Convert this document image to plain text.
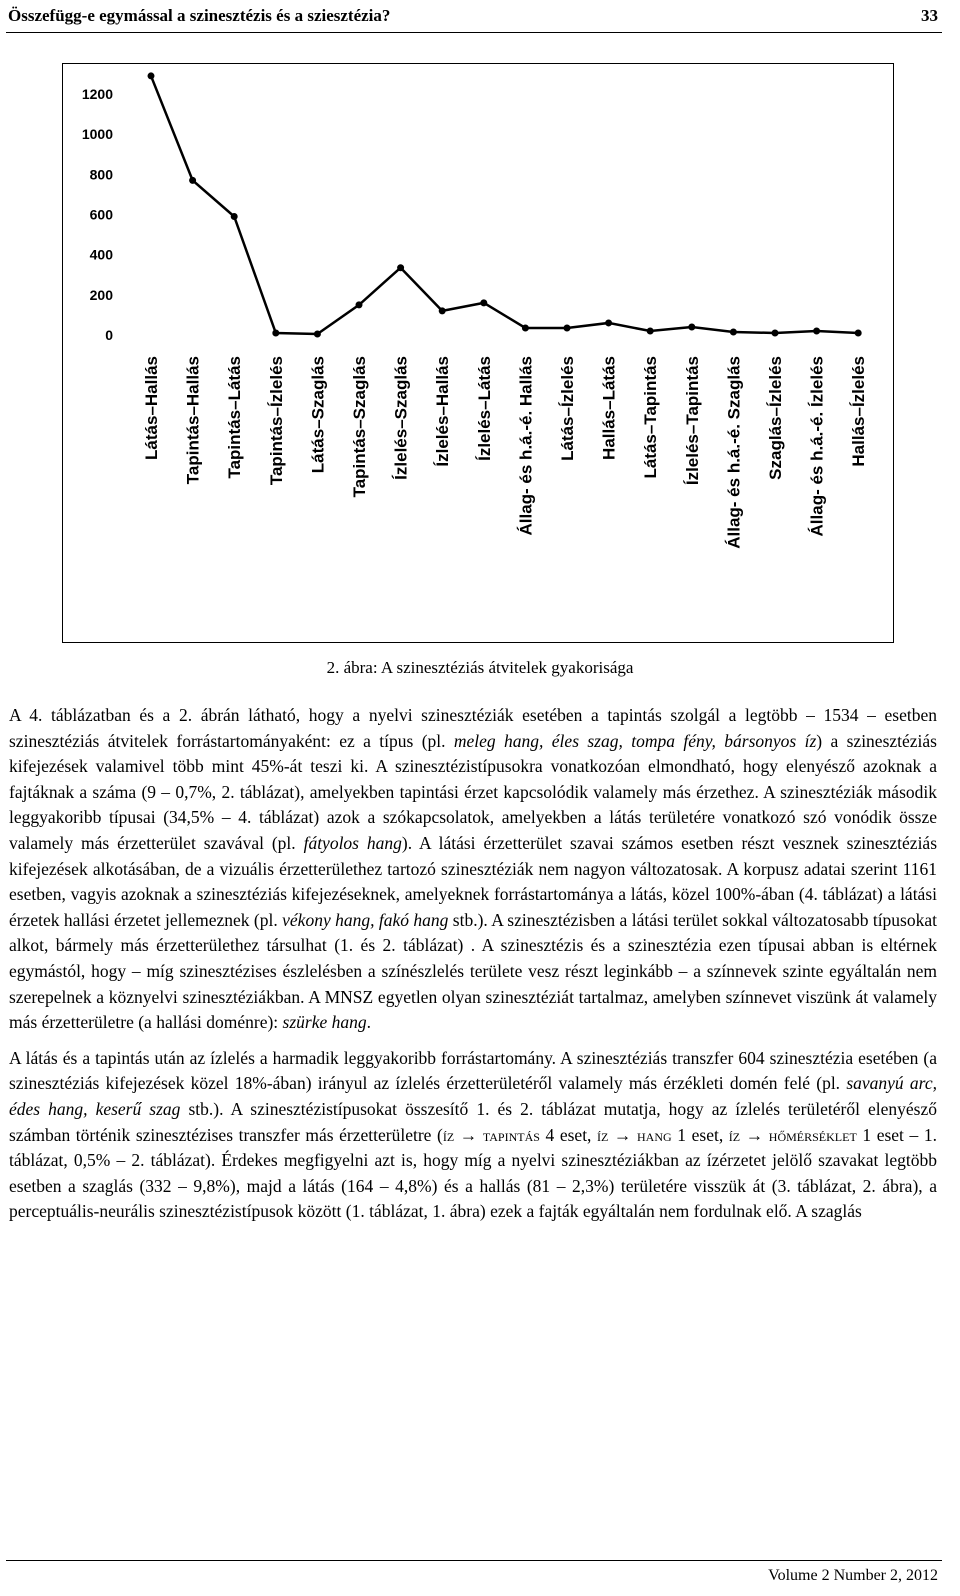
Összefügg-e egymással a szinesztézis és a sziesztézia?	33
0
200
400
600
800
1000
1200
Látás–Hallás Tapintás–Hallás Tapintás–Látás Tapintás–Ízlelés Látás–Szaglás Tapintás–Szaglás Ízlelés–Szaglás Ízlelés–Hallás Ízlelés–Látás Állag- és h.á.-é. Hallás Látás–Ízlelés Hallás–Látás Látás–Tapintás Ízlelés–Tapintás Állag- és h.á.-é. Szaglás Szaglás–Ízlelés Állag- és h.á.-é. Ízlelés Hallás–Ízlelés
2. ábra: A szinesztéziás átvitelek gyakorisága

A 4. táblázatban és a 2. ábrán látható, hogy a nyelvi szinesztéziák esetében a tapintás szolgál a legtöbb – 1534 – esetben szinesztéziás átvitelek forrástartományaként: ez a típus (pl. meleg hang, éles szag, tompa fény, bársonyos íz) a szinesztéziás kifejezések valamivel több mint 45%-át teszi ki. A szinesztézistípusokra vonatkozóan elmondható, hogy elenyésző azoknak a fajtáknak a száma (9 – 0,7%, 2. táblázat), amelyekben tapintási érzet kapcsolódik valamely más érzethez. A szinesztéziák második leggyakoribb típusai (34,5% – 4. táblázat) azok a szókapcsolatok, amelyekben a látás területére vonatkozó szó vonódik össze valamely más érzetterület szavával (pl. fátyolos hang). A látási érzetterület szavai számos esetben részt vesznek szinesztéziás kifejezések alkotásában, de a vizuális érzetterülethez tartozó szinesztéziák nem nagyon változatosak. A korpusz adatai szerint 1161 esetben, vagyis azoknak a szinesztéziás kifejezéseknek, amelyeknek forrástartománya a látás, közel 100%-ában (4. táblázat) a látási érzetek hallási érzetet jellemeznek (pl. vékony hang, fakó hang stb.). A szinesztézisben a látási terület sokkal változatosabb típusokat alkot, bármely más érzetterülethez társulhat (1. és 2. táblázat) . A szinesztézis és a szinesztézia ezen típusai abban is eltérnek egymástól, hogy – míg szinesztézises észlelésben a színészlelés területe vesz részt leginkább – a színnevek szinte egyáltalán nem szerepelnek a köznyelvi szinesztéziákban. A MNSZ egyetlen olyan szinesztéziát tartalmaz, amelyben színnevet viszünk át valamely más érzetterületre (a hallási doménre): szürke hang.

A látás és a tapintás után az ízlelés a harmadik leggyakoribb forrástartomány. A szinesztéziás transzfer 604 szinesztézia esetében (a szinesztéziás kifejezések közel 18%-ában) irányul az ízlelés érzetterületéről valamely más érzékleti domén felé (pl. savanyú arc, édes hang, keserű szag stb.). A szinesztézistípusokat összesítő 1. és 2. táblázat mutatja, hogy az ízlelés területéről elenyésző számban történik szinesztézises transzfer más érzetterületre (íz → tapintás 4 eset, íz → hang 1 eset, íz → hőmérséklet 1 eset – 1. táblázat, 0,5% – 2. táblázat). Érdekes megfigyelni azt is, hogy míg a nyelvi szinesztéziákban az ízérzetet jelölő szavakat legtöbb esetben a szaglás (332 – 9,8%), majd a látás (164 – 4,8%) és a hallás (81 – 2,3%) területére visszük át (3. táblázat, 2. ábra), a perceptuális-neurális szinesztézistípusok között (1. táblázat, 1. ábra) ezek a fajták egyáltalán nem fordulnak elő. A szaglás

Volume 2 Number 2, 2012
